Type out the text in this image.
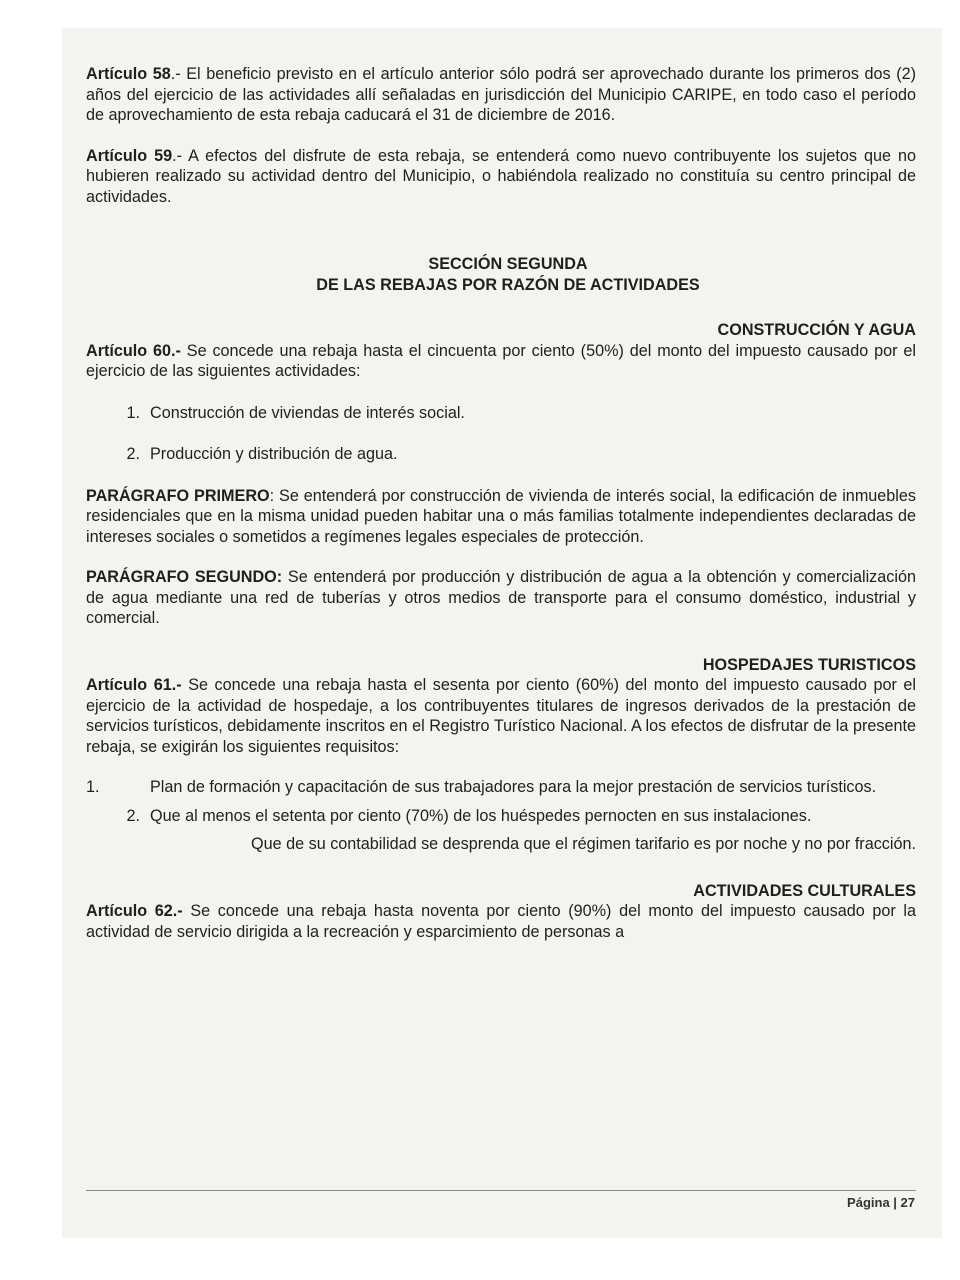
Artículo 58.- El beneficio previsto en el artículo anterior sólo podrá ser aprovechado durante los primeros dos (2) años del ejercicio de las actividades allí señaladas en jurisdicción del Municipio CARIPE, en todo caso el período de aprovechamiento de esta rebaja caducará el 31 de diciembre de 2016.

Artículo 59.- A efectos del disfrute de esta rebaja, se entenderá como nuevo contribuyente los sujetos que no hubieren realizado su actividad dentro del Municipio, o habiéndola realizado no constituía su centro principal de actividades.

SECCIÓN SEGUNDA

DE LAS REBAJAS POR RAZÓN DE ACTIVIDADES

CONSTRUCCIÓN Y AGUA

Artículo 60.- Se concede una rebaja hasta el cincuenta por ciento (50%) del monto del impuesto causado por el ejercicio de las siguientes actividades:

1. Construcción de viviendas de interés social.
2. Producción y distribución de agua.

PARÁGRAFO PRIMERO: Se entenderá por construcción de vivienda de interés social, la edificación de inmuebles residenciales que en la misma unidad pueden habitar una o más familias totalmente independientes declaradas de intereses sociales o sometidos a regímenes legales especiales de protección.

PARÁGRAFO SEGUNDO: Se entenderá por producción y distribución de agua a la obtención y comercialización de agua mediante una red de tuberías y otros medios de transporte para el consumo doméstico, industrial y comercial.

HOSPEDAJES TURISTICOS

Artículo 61.- Se concede una rebaja hasta el sesenta por ciento (60%) del monto del impuesto causado por el ejercicio de la actividad de hospedaje, a los contribuyentes titulares de ingresos derivados de la prestación de servicios turísticos, debidamente inscritos en el Registro Turístico Nacional. A los efectos de disfrutar de la presente rebaja, se exigirán los siguientes requisitos:

1.	Plan de formación y capacitación de sus trabajadores para la mejor prestación de servicios turísticos.
2. Que al menos el setenta por ciento (70%) de los huéspedes pernocten en sus instalaciones.

Que de su contabilidad se desprenda que el régimen tarifario es por noche y no por fracción.

ACTIVIDADES CULTURALES

Artículo 62.- Se concede una rebaja hasta noventa por ciento (90%) del monto del impuesto causado por la actividad de servicio dirigida a la recreación y esparcimiento de personas a

Página | 27
